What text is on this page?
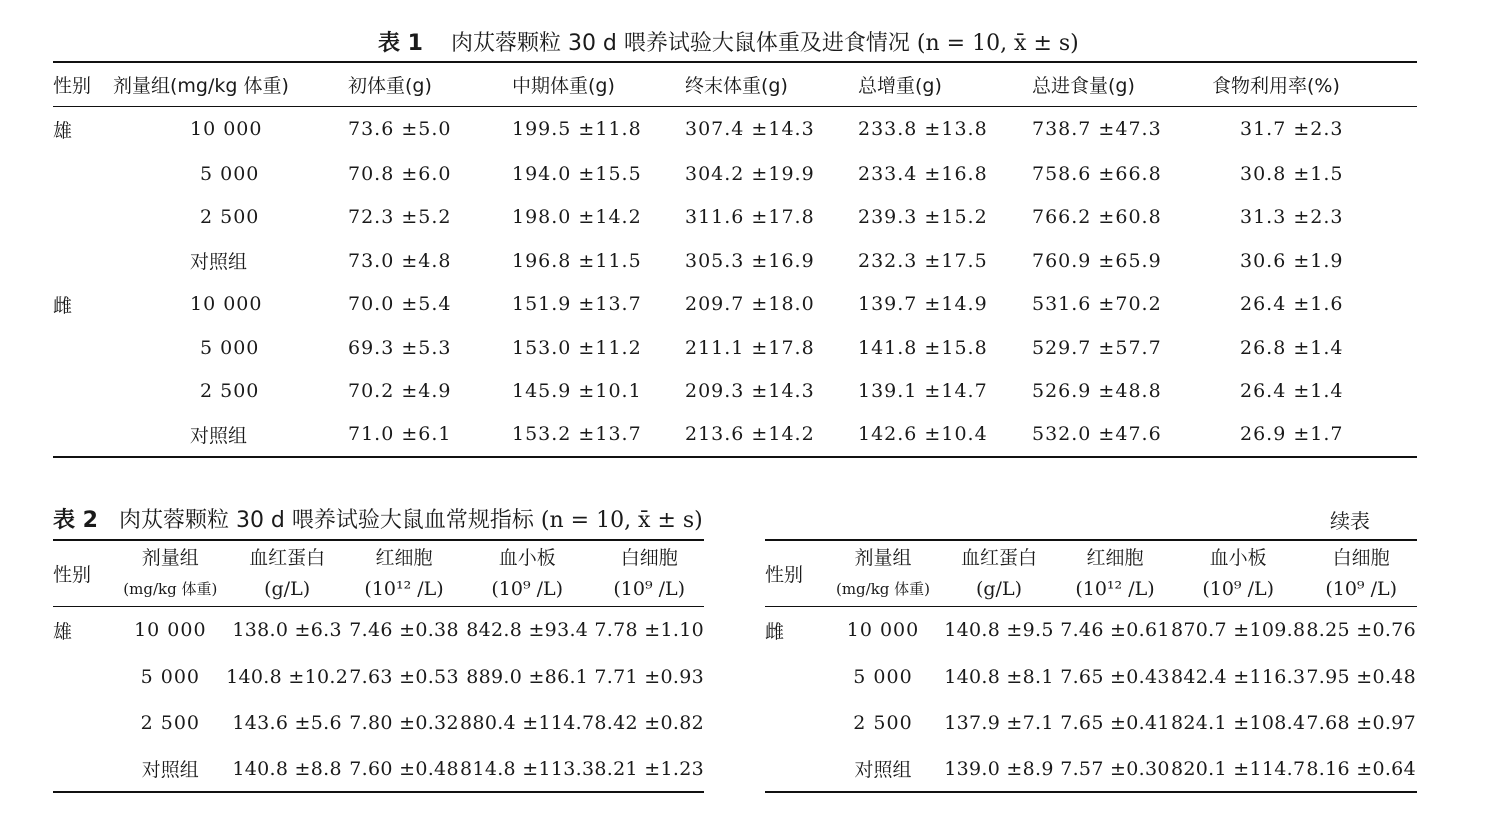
表 1 肉苁蓉颗粒 30 d 喂养试验大鼠体重及进食情况 (n = 10, x̄ ± s)
性别	剂量组(mg/kg 体重)	初体重(g)	中期体重(g)	终末体重(g)	总增重(g)	总进食量(g)	食物利用率(%)
雄	10 000	73.6 ±5.0	199.5 ±11.8	307.4 ±14.3	233.8 ±13.8	738.7 ±47.3	31.7 ±2.3
	5 000	70.8 ±6.0	194.0 ±15.5	304.2 ±19.9	233.4 ±16.8	758.6 ±66.8	30.8 ±1.5
	2 500	72.3 ±5.2	198.0 ±14.2	311.6 ±17.8	239.3 ±15.2	766.2 ±60.8	31.3 ±2.3
	对照组	73.0 ±4.8	196.8 ±11.5	305.3 ±16.9	232.3 ±17.5	760.9 ±65.9	30.6 ±1.9
雌	10 000	70.0 ±5.4	151.9 ±13.7	209.7 ±18.0	139.7 ±14.9	531.6 ±70.2	26.4 ±1.6
	5 000	69.3 ±5.3	153.0 ±11.2	211.1 ±17.8	141.8 ±15.8	529.7 ±57.7	26.8 ±1.4
	2 500	70.2 ±4.9	145.9 ±10.1	209.3 ±14.3	139.1 ±14.7	526.9 ±48.8	26.4 ±1.4
	对照组	71.0 ±6.1	153.2 ±13.7	213.6 ±14.2	142.6 ±10.4	532.0 ±47.6	26.9 ±1.7
表 2 肉苁蓉颗粒 30 d 喂养试验大鼠血常规指标 (n = 10, x̄ ± s)	续表
性别	剂量组	血红蛋白	红细胞	血小板	白细胞
	(mg/kg 体重)	(g/L)	(10¹² /L)	(10⁹ /L)	(10⁹ /L)
雄	10 000	138.0 ±6.3	7.46 ±0.38	842.8 ±93.4	7.78 ±1.10
	5 000	140.8 ±10.2	7.63 ±0.53	889.0 ±86.1	7.71 ±0.93
	2 500	143.6 ±5.6	7.80 ±0.32	880.4 ±114.7	8.42 ±0.82
	对照组	140.8 ±8.8	7.60 ±0.48	814.8 ±113.3	8.21 ±1.23
性别	剂量组	血红蛋白	红细胞	血小板	白细胞
	(mg/kg 体重)	(g/L)	(10¹² /L)	(10⁹ /L)	(10⁹ /L)
雌	10 000	140.8 ±9.5	7.46 ±0.61	870.7 ±109.8	8.25 ±0.76
	5 000	140.8 ±8.1	7.65 ±0.43	842.4 ±116.3	7.95 ±0.48
	2 500	137.9 ±7.1	7.65 ±0.41	824.1 ±108.4	7.68 ±0.97
	对照组	139.0 ±8.9	7.57 ±0.30	820.1 ±114.7	8.16 ±0.64
